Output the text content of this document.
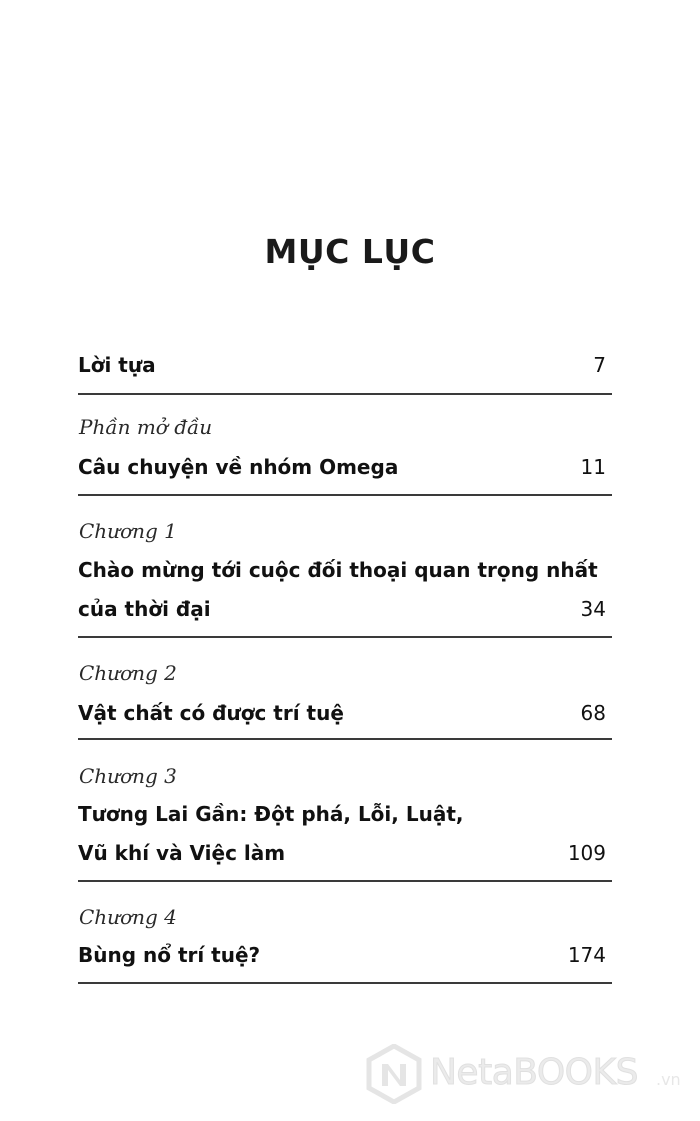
MỤC LỤC
Lời tựa	7
Phần mở đầu
Câu chuyện về nhóm Omega	11
Chương 1
Chào mừng tới cuộc đối thoại quan trọng nhất
của thời đại	34
Chương 2
Vật chất có được trí tuệ	68
Chương 3
Tương Lai Gần: Đột phá, Lỗi, Luật,
Vũ khí và Việc làm	109
Chương 4
Bùng nổ trí tuệ?	174
NetaBOOKS .vn
